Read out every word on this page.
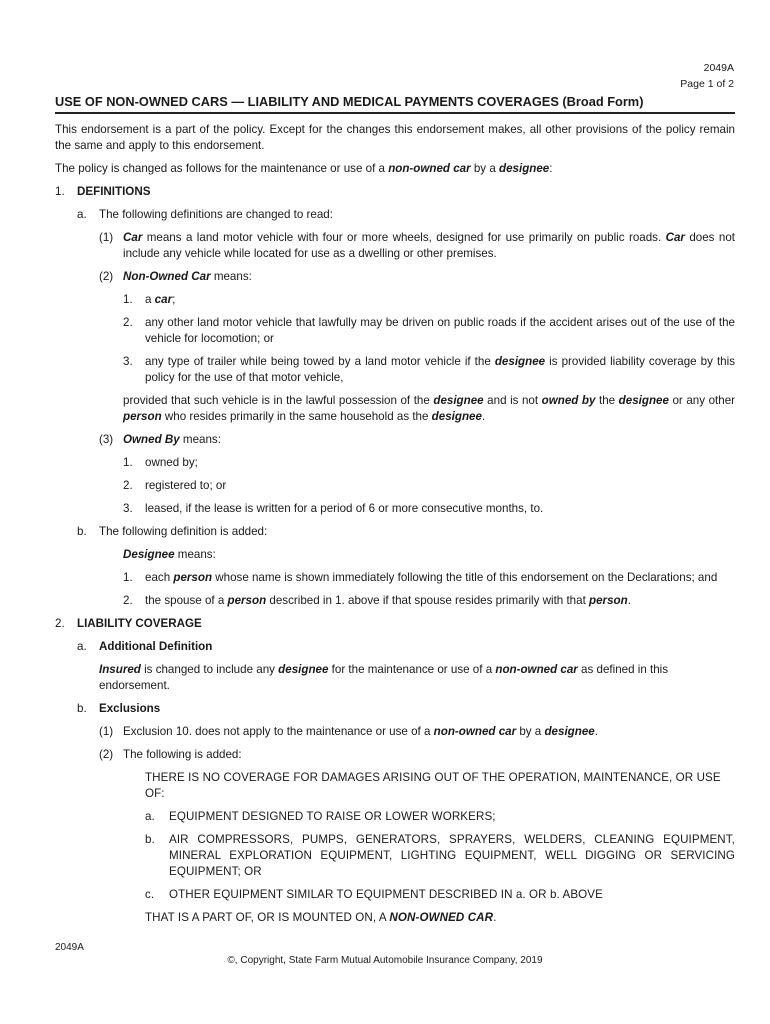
2049A
Page 1 of 2
USE OF NON-OWNED CARS — LIABILITY AND MEDICAL PAYMENTS COVERAGES (Broad Form)

This endorsement is a part of the policy. Except for the changes this endorsement makes, all other provisions of the policy remain the same and apply to this endorsement.

The policy is changed as follows for the maintenance or use of a non-owned car by a designee:

1.	DEFINITIONS
a.	The following definitions are changed to read:
(1) Car means a land motor vehicle with four or more wheels, designed for use primarily on public roads. Car does not include any vehicle while located for use as a dwelling or other premises.
(2) Non-Owned Car means:
1.	a car;
2.	any other land motor vehicle that lawfully may be driven on public roads if the accident arises out of the use of the vehicle for locomotion; or
3.	any type of trailer while being towed by a land motor vehicle if the designee is provided liability coverage by this policy for the use of that motor vehicle,

provided that such vehicle is in the lawful possession of the designee and is not owned by the designee or any other person who resides primarily in the same household as the designee.

(3) Owned By means:
1.	owned by;
2.	registered to; or
3.	leased, if the lease is written for a period of 6 or more consecutive months, to.
b.	The following definition is added:

Designee means:

1.	each person whose name is shown immediately following the title of this endorsement on the Declarations; and
2.	the spouse of a person described in 1. above if that spouse resides primarily with that person.
2.	LIABILITY COVERAGE
a.	Additional Definition

Insured is changed to include any designee for the maintenance or use of a non-owned car as defined in this endorsement.

b.	Exclusions
(1) Exclusion 10. does not apply to the maintenance or use of a non-owned car by a designee.
(2) The following is added:

THERE IS NO COVERAGE FOR DAMAGES ARISING OUT OF THE OPERATION, MAINTENANCE, OR USE OF:

a.	EQUIPMENT DESIGNED TO RAISE OR LOWER WORKERS;
b.	AIR COMPRESSORS, PUMPS, GENERATORS, SPRAYERS, WELDERS, CLEANING EQUIPMENT, MINERAL EXPLORATION EQUIPMENT, LIGHTING EQUIPMENT, WELL DIGGING OR SERVICING EQUIPMENT; OR
c.	OTHER EQUIPMENT SIMILAR TO EQUIPMENT DESCRIBED IN a. OR b. ABOVE

THAT IS A PART OF, OR IS MOUNTED ON, A NON-OWNED CAR.

2049A
©, Copyright, State Farm Mutual Automobile Insurance Company, 2019
